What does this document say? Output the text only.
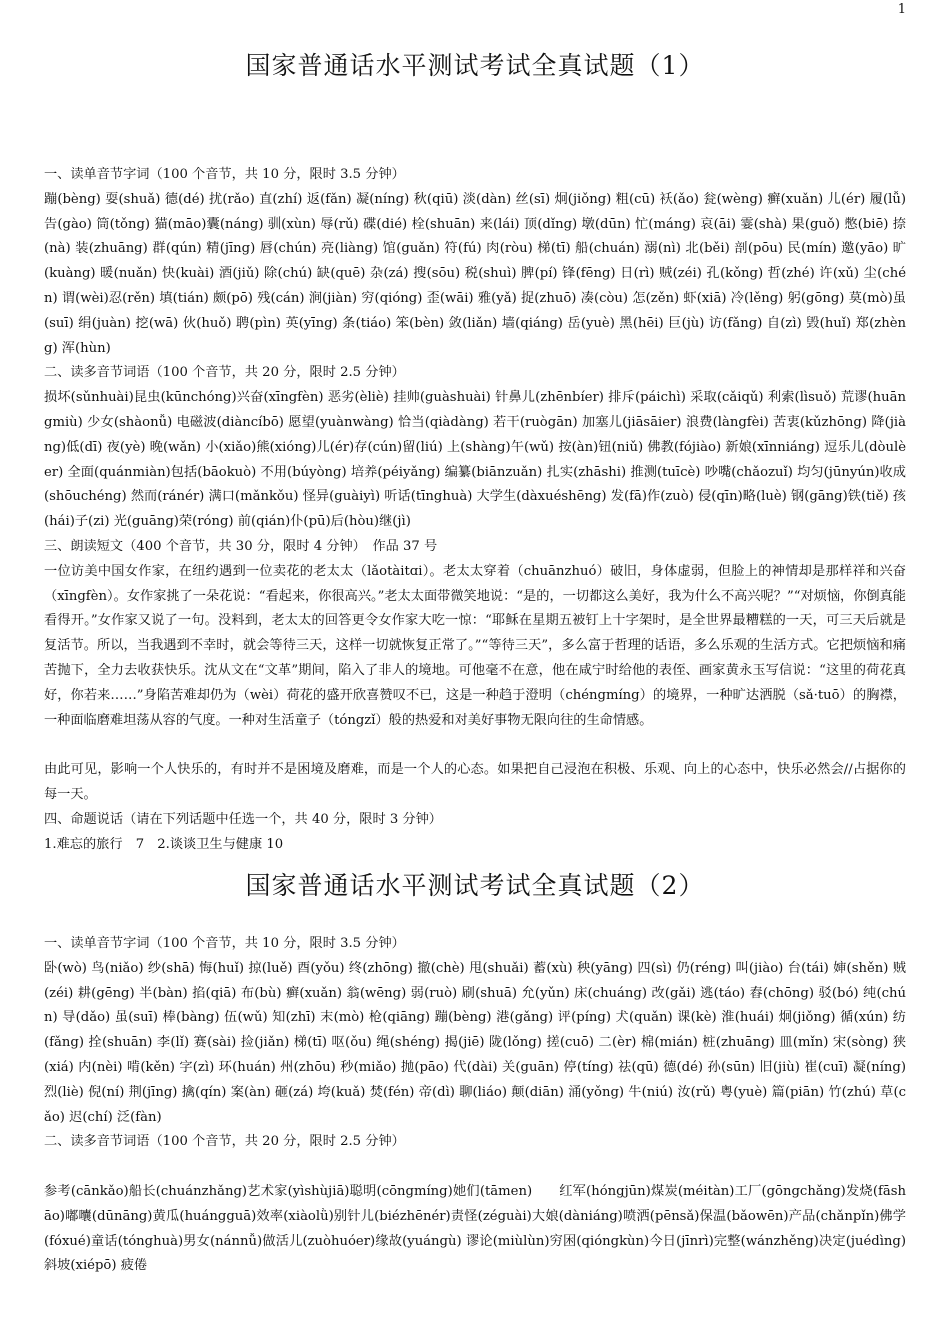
1
国家普通话水平测试考试全真试题（1）

一、读单音节字词（100 个音节，共 10 分，限时 3.5 分钟）

蹦(bèng) 耍(shuǎ) 德(dé) 扰(rǎo) 直(zhí) 返(fǎn) 凝(níng) 秋(qiū) 淡(dàn) 丝(sī) 炯(jiǒng) 粗(cū) 袄(ǎo) 瓮(wèng) 癣(xuǎn) 儿(ér) 履(lǚ) 告(gào) 筒(tǒng) 猫(māo)囊(náng) 驯(xùn) 辱(rǔ) 碟(dié) 栓(shuān) 来(lái) 顶(dǐng) 墩(dūn) 忙(máng) 哀(āi) 霎(shà) 果(guǒ) 憋(biē) 捺(nà) 装(zhuāng) 群(qún) 精(jīng) 唇(chún) 亮(liàng) 馆(guǎn) 符(fú) 肉(ròu) 梯(tī) 船(chuán) 溺(nì) 北(běi) 剖(pōu) 民(mín) 邀(yāo) 旷(kuàng) 暖(nuǎn) 快(kuài) 酒(jiǔ) 除(chú) 缺(quē) 杂(zá) 搜(sōu) 税(shuì) 脾(pí) 锋(fēng) 日(rì) 贼(zéi) 孔(kǒng) 哲(zhé) 许(xǔ) 尘(chén) 谓(wèi)忍(rěn) 填(tián) 颇(pō) 残(cán) 涧(jiàn) 穷(qióng) 歪(wāi) 雅(yǎ) 捉(zhuō) 凑(còu) 怎(zěn) 虾(xiā) 冷(lěng) 躬(gōng) 莫(mò)虽(suī) 绢(juàn) 挖(wā) 伙(huǒ) 聘(pìn) 英(yīng) 条(tiáo) 笨(bèn) 敛(liǎn) 墙(qiáng) 岳(yuè) 黑(hēi) 巨(jù) 访(fǎng) 自(zì) 毁(huǐ) 郑(zhèng) 浑(hùn)

二、读多音节词语（100 个音节，共 20 分，限时 2.5 分钟）

损坏(sǔnhuài)昆虫(kūnchóng)兴奋(xīngfèn) 恶劣(èliè) 挂帅(guàshuài) 针鼻儿(zhēnbíer) 排斥(páichì) 采取(cǎiqǔ) 利索(lìsuǒ) 荒谬(huāngmiù) 少女(shàonǚ) 电磁波(diàncíbō) 愿望(yuànwàng) 恰当(qiàdàng) 若干(ruògān) 加塞儿(jiāsāier) 浪费(làngfèi) 苦衷(kǔzhōng) 降(jiàng)低(dī) 夜(yè) 晚(wǎn) 小(xiǎo)熊(xióng)儿(ér)存(cún)留(liú) 上(shàng)午(wǔ) 按(àn)钮(niǔ) 佛教(fójiào) 新娘(xīnniáng) 逗乐儿(dòulèer) 全面(quánmiàn)包括(bāokuò) 不用(búyòng) 培养(péiyǎng) 编纂(biānzuǎn) 扎实(zhāshi) 推测(tuīcè) 吵嘴(chǎozuǐ) 均匀(jūnyún)收成(shōuchéng) 然而(ránér) 满口(mǎnkǒu) 怪异(guàiyì) 听话(tīnghuà) 大学生(dàxuéshēng) 发(fā)作(zuò) 侵(qīn)略(luè) 钢(gāng)铁(tiě) 孩(hái)子(zi) 光(guāng)荣(róng) 前(qián)仆(pū)后(hòu)继(jì)

三、朗读短文（400 个音节，共 30 分，限时 4 分钟）　作品 37 号

一位访美中国女作家，在纽约遇到一位卖花的老太太（lǎotàitɑi）。老太太穿着（chuānzhuó）破旧，身体虚弱，但脸上的神情却是那样祥和兴奋（xīngfèn）。女作家挑了一朵花说：“看起来，你很高兴。”老太太面带微笑地说：“是的，一切都这么美好，我为什么不高兴呢？”“对烦恼，你倒真能看得开。”女作家又说了一句。没料到，老太太的回答更令女作家大吃一惊：“耶稣在星期五被钉上十字架时，是全世界最糟糕的一天，可三天后就是复活节。所以，当我遇到不幸时，就会等待三天，这样一切就恢复正常了。”“等待三天”，多么富于哲理的话语，多么乐观的生活方式。它把烦恼和痛苦抛下，全力去收获快乐。沈从文在“文革”期间，陷入了非人的境地。可他毫不在意，他在咸宁时给他的表侄、画家黄永玉写信说：“这里的荷花真好，你若来……”身陷苦难却仍为（wèi）荷花的盛开欣喜赞叹不已，这是一种趋于澄明（chéngmíng）的境界，一种旷达洒脱（sǎ·tuō）的胸襟，一种面临磨难坦荡从容的气度。一种对生活童子（tóngzǐ）般的热爱和对美好事物无限向往的生命情感。

由此可见，影响一个人快乐的，有时并不是困境及磨难，而是一个人的心态。如果把自己浸泡在积极、乐观、向上的心态中，快乐必然会//占据你的每一天。

四、命题说话（请在下列话题中任选一个，共 40 分，限时 3 分钟）

1.难忘的旅行　7　2.谈谈卫生与健康 10

国家普通话水平测试考试全真试题（2）

一、读单音节字词（100 个音节，共 10 分，限时 3.5 分钟）

卧(wò) 鸟(niǎo) 纱(shā) 悔(huǐ) 掠(luě) 酉(yǒu) 终(zhōng) 撤(chè) 甩(shuǎi) 蓄(xù) 秧(yāng) 四(sì) 仍(réng) 叫(jiào) 台(tái) 婶(shěn) 贼(zéi) 耕(gēng) 半(bàn) 掐(qiā) 布(bù) 癣(xuǎn) 翁(wēng) 弱(ruò) 刷(shuā) 允(yǔn) 床(chuáng) 改(gǎi) 逃(táo) 舂(chōng) 驳(bó) 纯(chún) 导(dǎo) 虽(suī) 棒(bàng) 伍(wǔ) 知(zhī) 末(mò) 枪(qiāng) 蹦(bèng) 港(gǎng) 评(píng) 犬(quǎn) 课(kè) 淮(huái) 炯(jiǒng) 循(xún) 纺(fǎng) 拴(shuān) 李(lǐ) 赛(sài) 捡(jiǎn) 梯(tī) 呕(ǒu) 绳(shéng) 揭(jiē) 陇(lǒng) 搓(cuō) 二(èr) 棉(mián) 桩(zhuāng) 皿(mǐn) 宋(sòng) 狭(xiá) 内(nèi) 啃(kěn) 字(zì) 环(huán) 州(zhōu) 秒(miǎo) 抛(pāo) 代(dài) 关(guān) 停(tíng) 祛(qū) 德(dé) 孙(sūn) 旧(jiù) 崔(cuī) 凝(níng) 烈(liè) 倪(ní) 荆(jīng) 擒(qín) 案(àn) 砸(zá) 垮(kuǎ) 焚(fén) 帝(dì) 聊(liáo) 颠(diān) 涌(yǒng) 牛(niú) 汝(rǔ) 粤(yuè) 篇(piān) 竹(zhú) 草(cǎo) 迟(chí) 泛(fàn)

二、读多音节词语（100 个音节，共 20 分，限时 2.5 分钟）

参考(cānkǎo)船长(chuánzhǎng)艺术家(yìshùjiā)聪明(cōngmíng)她们(tāmen)　　红军(hóngjūn)煤炭(méitàn)工厂(gōngchǎng)发烧(fāshāo)嘟囔(dūnāng)黄瓜(huángguā)效率(xiàolǜ)别针儿(biézhēnér)责怪(zéguài)大娘(dàniáng)喷洒(pēnsǎ)保温(bǎowēn)产品(chǎnpǐn)佛学(fóxué)童话(tónghuà)男女(nánnǚ)做活儿(zuòhuóer)缘故(yuángù) 谬论(miùlùn)穷困(qióngkùn)今日(jīnrì)完整(wánzhěng)决定(juédìng)斜坡(xiépō) 疲倦
